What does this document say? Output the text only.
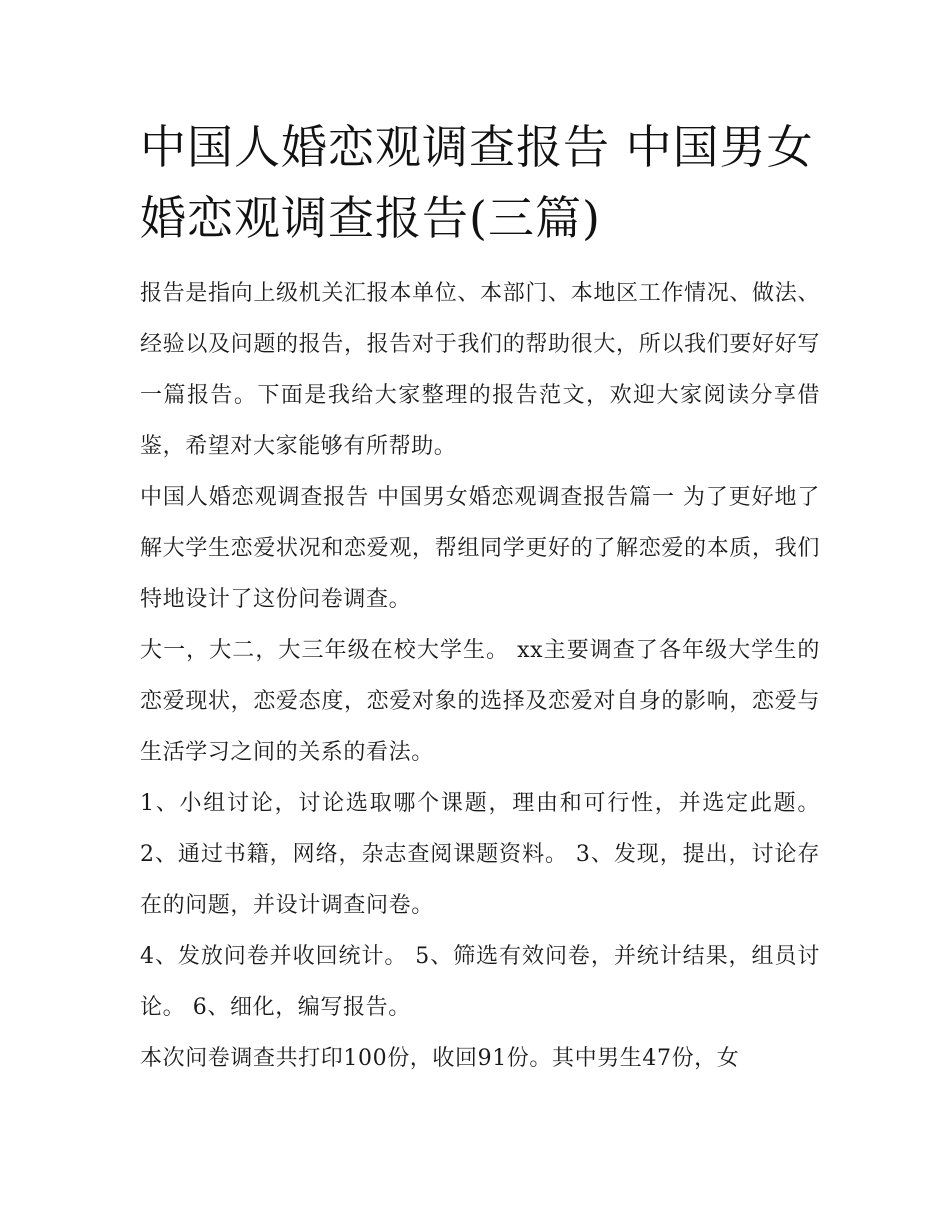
中国人婚恋观调查报告 中国男女婚恋观调查报告(三篇)

报告是指向上级机关汇报本单位、本部门、本地区工作情况、做法、经验以及问题的报告，报告对于我们的帮助很大，所以我们要好好写一篇报告。下面是我给大家整理的报告范文，欢迎大家阅读分享借鉴，希望对大家能够有所帮助。

中国人婚恋观调查报告 中国男女婚恋观调查报告篇一 为了更好地了解大学生恋爱状况和恋爱观，帮组同学更好的了解恋爱的本质，我们特地设计了这份问卷调查。

大一，大二，大三年级在校大学生。 xx主要调查了各年级大学生的恋爱现状，恋爱态度，恋爱对象的选择及恋爱对自身的影响，恋爱与生活学习之间的关系的看法。

1、小组讨论，讨论选取哪个课题，理由和可行性，并选定此题。 2、通过书籍，网络，杂志查阅课题资料。 3、发现，提出，讨论存在的问题，并设计调查问卷。

4、发放问卷并收回统计。 5、筛选有效问卷，并统计结果，组员讨论。 6、细化，编写报告。

本次问卷调查共打印100份，收回91份。其中男生47份，女
